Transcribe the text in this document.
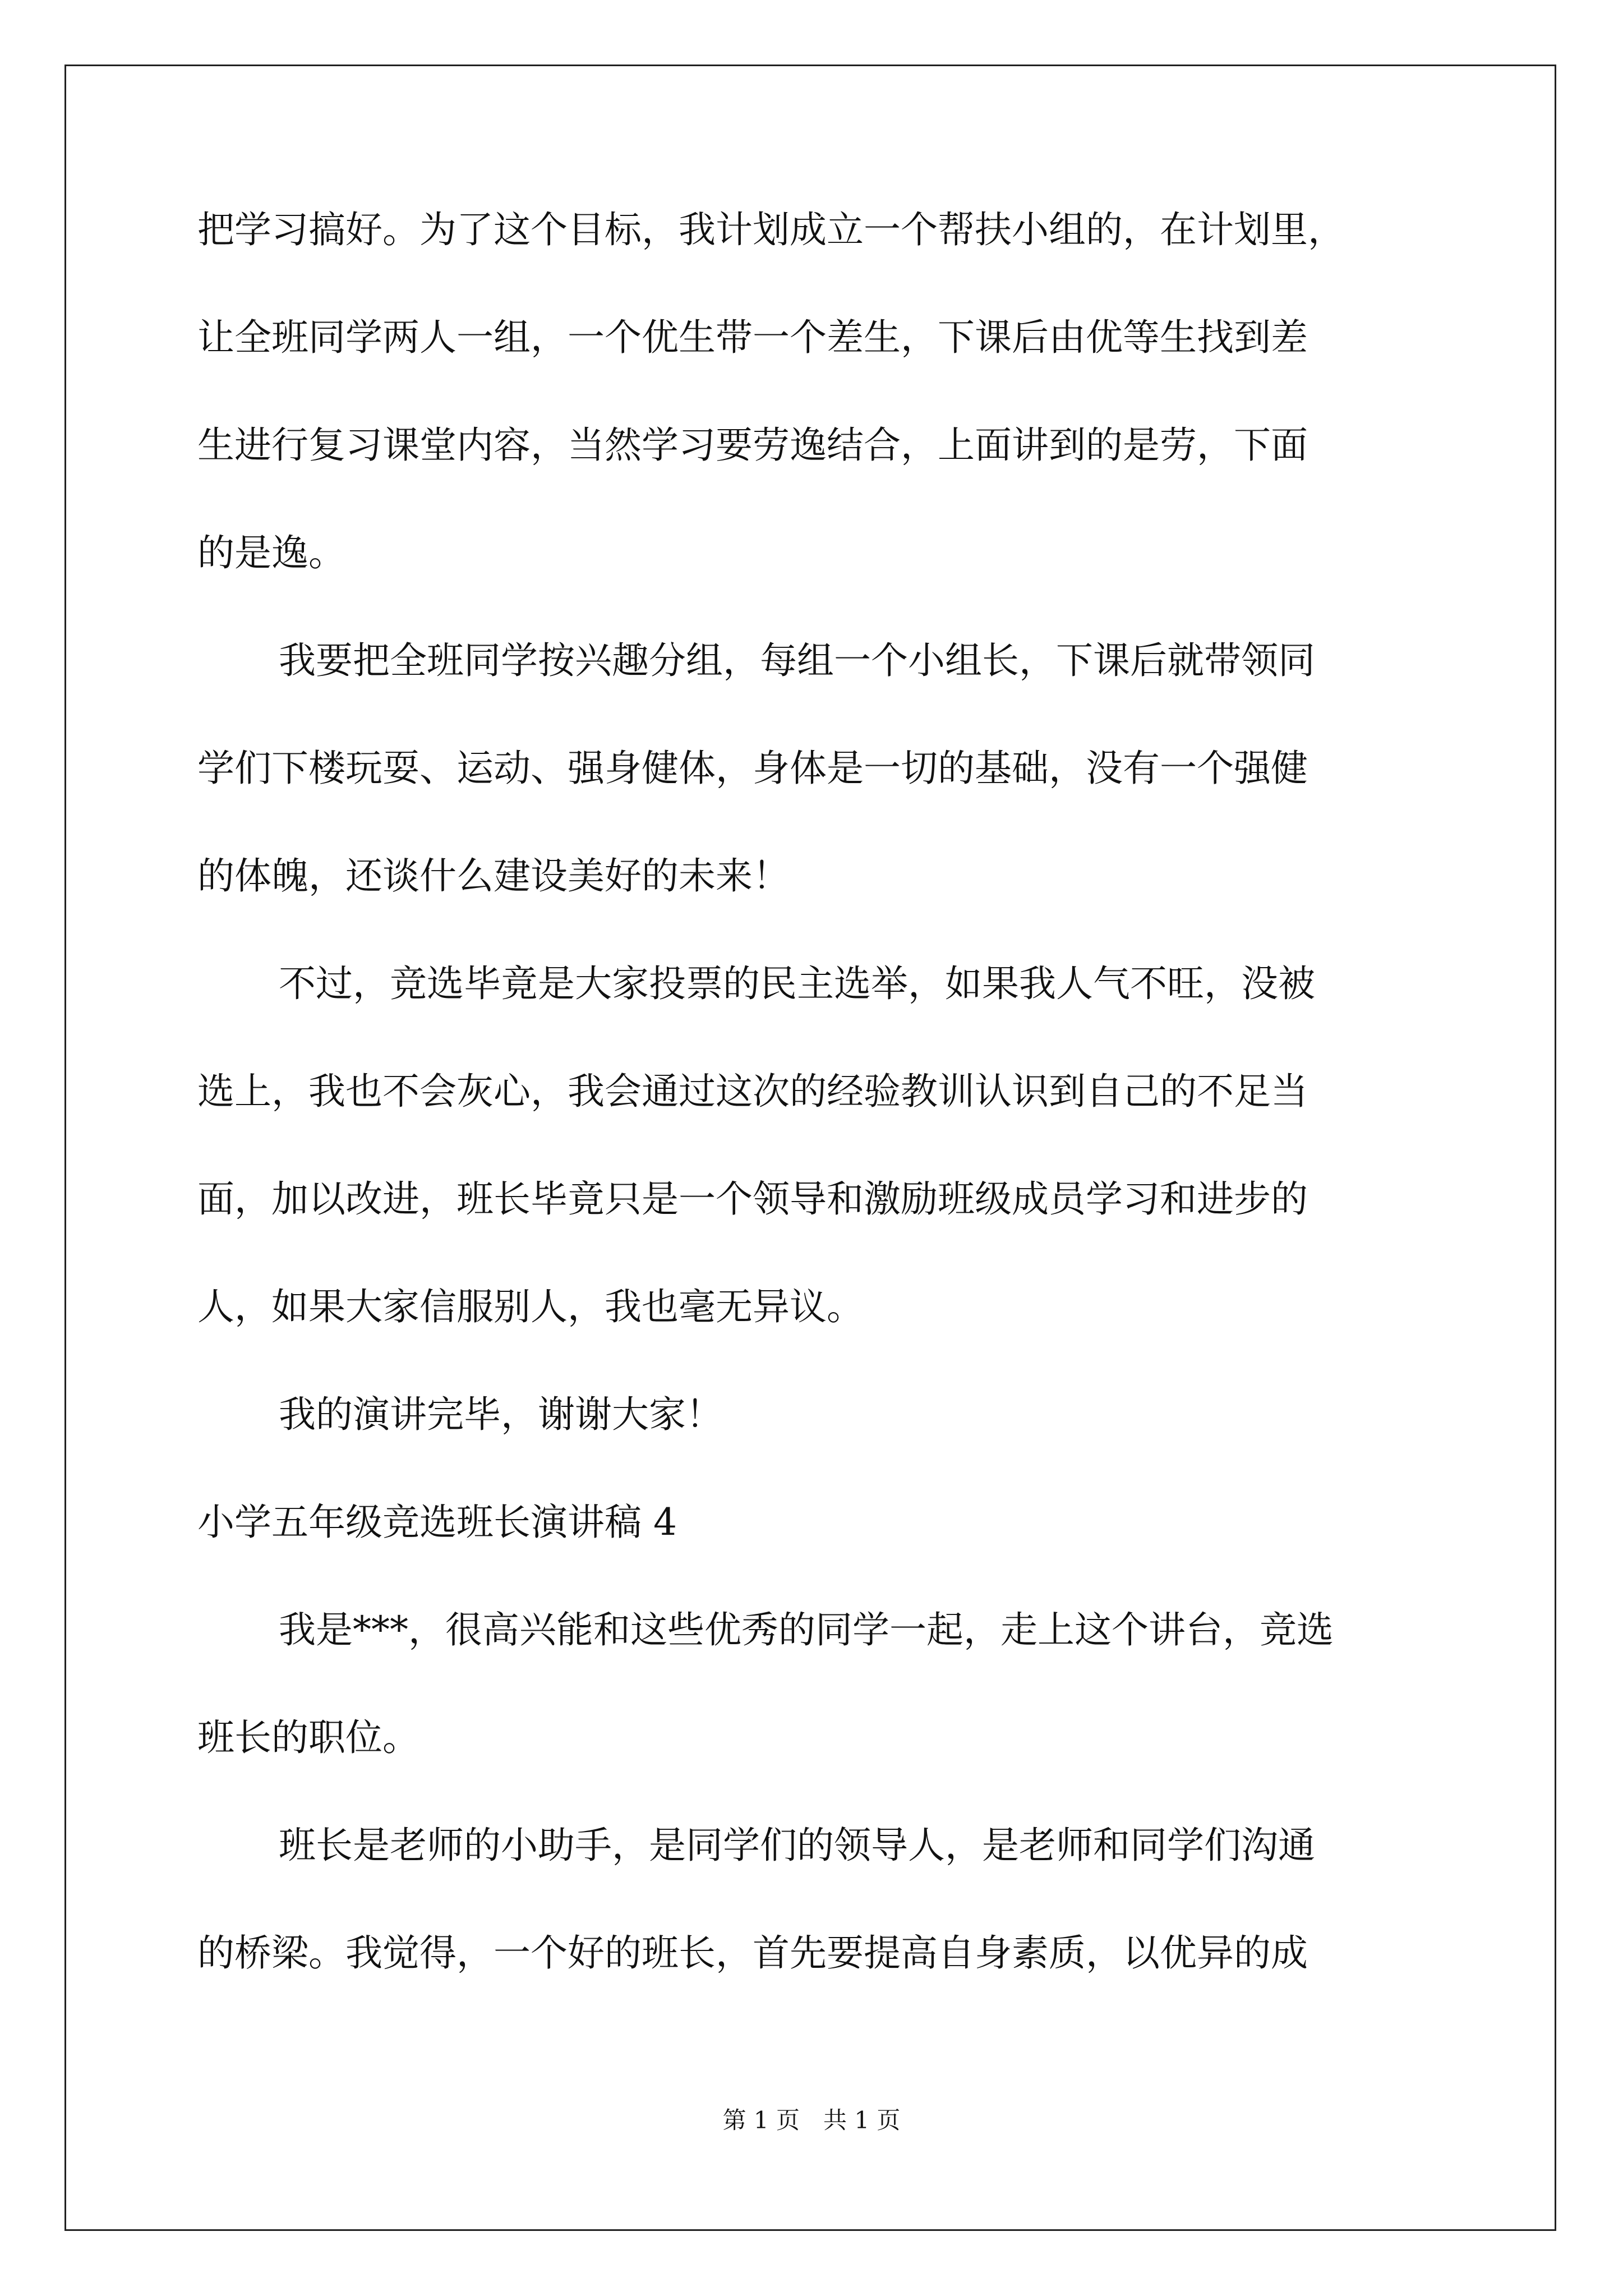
把学习搞好。为了这个目标，我计划成立一个帮扶小组的，在计划里，

让全班同学两人一组，一个优生带一个差生，下课后由优等生找到差

生进行复习课堂内容，当然学习要劳逸结合，上面讲到的是劳，下面

的是逸。

我要把全班同学按兴趣分组，每组一个小组长，下课后就带领同

学们下楼玩耍、运动、强身健体，身体是一切的基础，没有一个强健

的体魄，还谈什么建设美好的未来！

不过，竞选毕竟是大家投票的民主选举，如果我人气不旺，没被

选上，我也不会灰心，我会通过这次的经验教训认识到自己的不足当

面，加以改进，班长毕竟只是一个领导和激励班级成员学习和进步的

人，如果大家信服别人，我也毫无异议。

我的演讲完毕，谢谢大家！

小学五年级竞选班长演讲稿 4

我是***，很高兴能和这些优秀的同学一起，走上这个讲台，竞选

班长的职位。

班长是老师的小助手，是同学们的领导人，是老师和同学们沟通

的桥梁。我觉得，一个好的班长，首先要提高自身素质，以优异的成

第 1 页　共 1 页
